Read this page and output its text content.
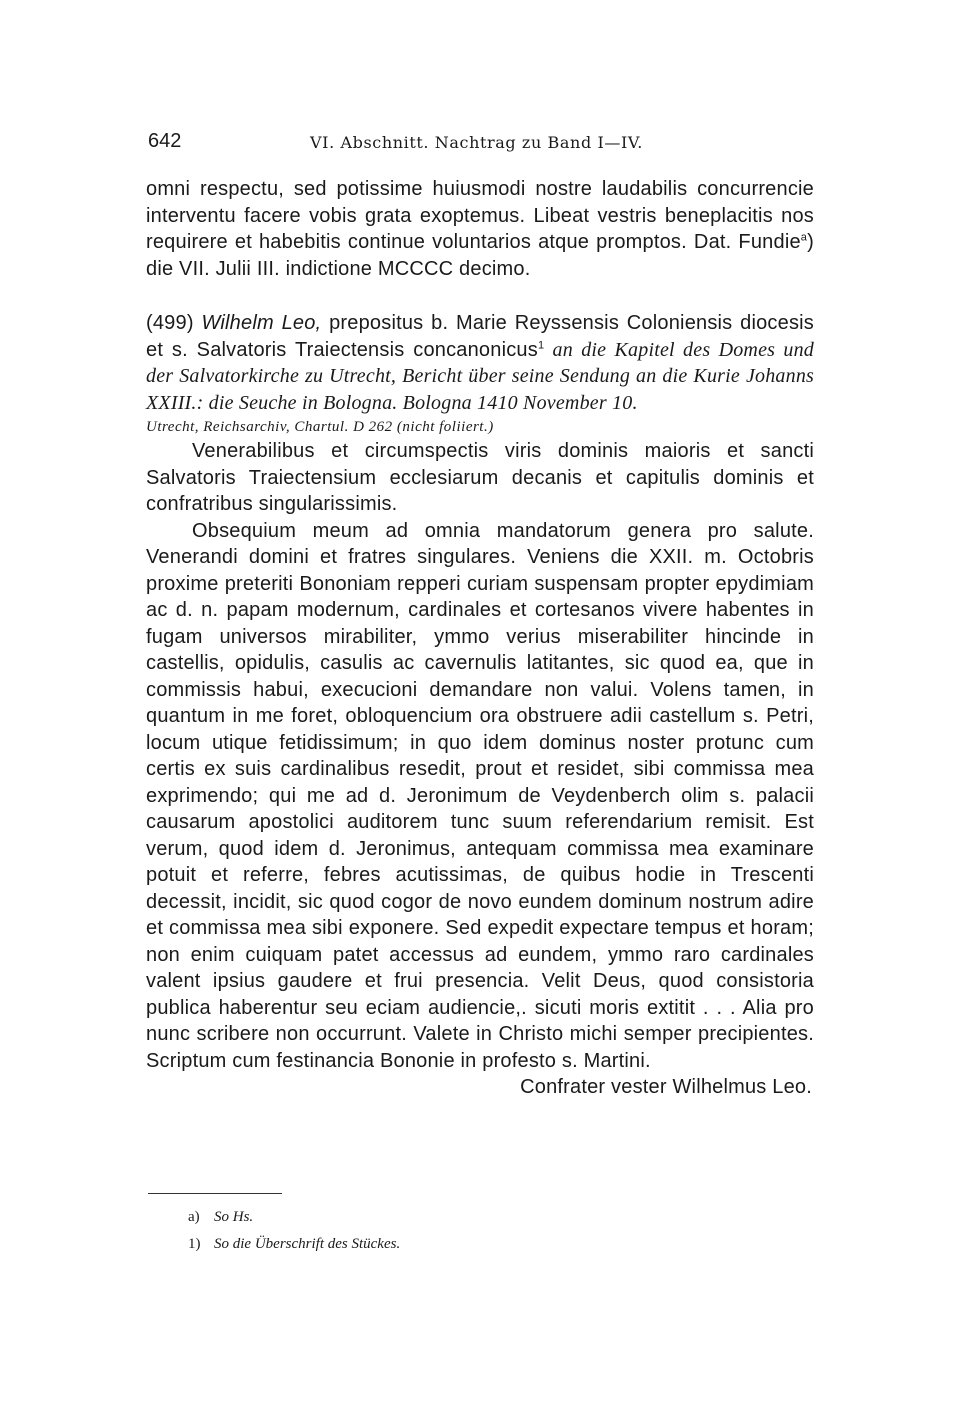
642	VI. Abschnitt. Nachtrag zu Band I—IV.

omni respectu, sed potissime huiusmodi nostre laudabilis concurrencie interventu facere vobis grata exoptemus. Libeat vestris beneplacitis nos requirere et habebitis continue voluntarios atque promptos. Dat. Fundie$^a$) die VII. Julii III. indictione MCCCC decimo.

(499) Wilhelm Leo, prepositus b. Marie Reyssensis Coloniensis diocesis et s. Salvatoris Traiectensis concanonicus$^1$ an die Kapitel des Domes und der Salvatorkirche zu Utrecht, Bericht über seine Sendung an die Kurie Johanns XXIII.: die Seuche in Bologna. Bologna 1410 November 10.

Utrecht, Reichsarchiv, Chartul. D 262 (nicht foliiert.)

Venerabilibus et circumspectis viris dominis maioris et sancti Salvatoris Traiectensium ecclesiarum decanis et capitulis dominis et confratribus singularissimis.

Obsequium meum ad omnia mandatorum genera pro salute. Venerandi domini et fratres singulares. Veniens die XXII. m. Octobris proxime preteriti Bononiam repperi curiam suspensam propter epydimiam ac d. n. papam modernum, cardinales et cortesanos vivere habentes in fugam universos mirabiliter, ymmo verius miserabiliter hincinde in castellis, opidulis, casulis ac cavernulis latitantes, sic quod ea, que in commissis habui, execucioni demandare non valui. Volens tamen, in quantum in me foret, obloquencium ora obstruere adii castellum s. Petri, locum utique fetidissimum; in quo idem dominus noster protunc cum certis ex suis cardinalibus resedit, prout et residet, sibi commissa mea exprimendo; qui me ad d. Jeronimum de Veydenberch olim s. palacii causarum apostolici auditorem tunc suum referendarium remisit. Est verum, quod idem d. Jeronimus, antequam commissa mea examinare potuit et referre, febres acutissimas, de quibus hodie in Trescenti decessit, incidit, sic quod cogor de novo eundem dominum nostrum adire et commissa mea sibi exponere. Sed expedit expectare tempus et horam; non enim cuiquam patet accessus ad eundem, ymmo raro cardinales valent ipsius gaudere et frui presencia. Velit Deus, quod consistoria publica haberentur seu eciam audiencie,. sicuti moris extitit . . . Alia pro nunc scribere non occurrunt. Valete in Christo michi semper precipientes. Scriptum cum festinancia Bononie in profesto s. Martini.

Confrater vester Wilhelmus Leo.

a) So Hs.
1) So die Überschrift des Stückes.
